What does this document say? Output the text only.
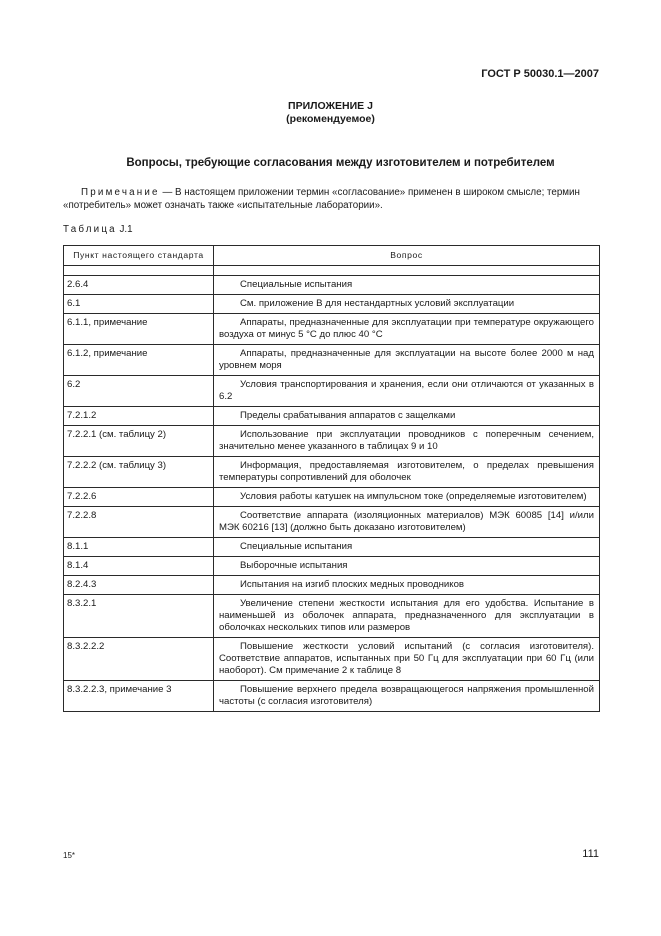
ГОСТ Р 50030.1—2007
ПРИЛОЖЕНИЕ J
(рекомендуемое)
Вопросы, требующие согласования между изготовителем и потребителем
Примечание — В настоящем приложении термин «согласование» применен в широком смысле; термин «потребитель» может означать также «испытательные лаборатории».
Таблица J.1
Пункт настоящего стандарта	Вопрос

2.6.4	Специальные испытания
6.1	См. приложение В для нестандартных условий эксплуатации
6.1.1, примечание	Аппараты, предназначенные для эксплуатации при температуре окружающего воздуха от минус 5 °С до плюс 40 °С
6.1.2, примечание	Аппараты, предназначенные для эксплуатации на высоте более 2000 м над уровнем моря
6.2	Условия транспортирования и хранения, если они отличаются от указанных в 6.2
7.2.1.2	Пределы срабатывания аппаратов с защелками
7.2.2.1 (см. таблицу 2)	Использование при эксплуатации проводников с поперечным сечением, значительно менее указанного в таблицах 9 и 10
7.2.2.2 (см. таблицу 3)	Информация, предоставляемая изготовителем, о пределах превышения температуры сопротивлений для оболочек
7.2.2.6	Условия работы катушек на импульсном токе (определяемые изготовителем)
7.2.2.8	Соответствие аппарата (изоляционных материалов) МЭК 60085 [14] и/или МЭК 60216 [13] (должно быть доказано изготовителем)
8.1.1	Специальные испытания
8.1.4	Выборочные испытания
8.2.4.3	Испытания на изгиб плоских медных проводников
8.3.2.1	Увеличение степени жесткости испытания для его удобства. Испытание в наименьшей из оболочек аппарата, предназначенного для эксплуатации в оболочках нескольких типов или размеров
8.3.2.2.2	Повышение жесткости условий испытаний (с согласия изготовителя). Соответствие аппаратов, испытанных при 50 Гц для эксплуатации при 60 Гц (или наоборот). См примечание 2 к таблице 8
8.3.2.2.3, примечание 3	Повышение верхнего предела возвращающегося напряжения промышленной частоты (с согласия изготовителя)
15*	111
